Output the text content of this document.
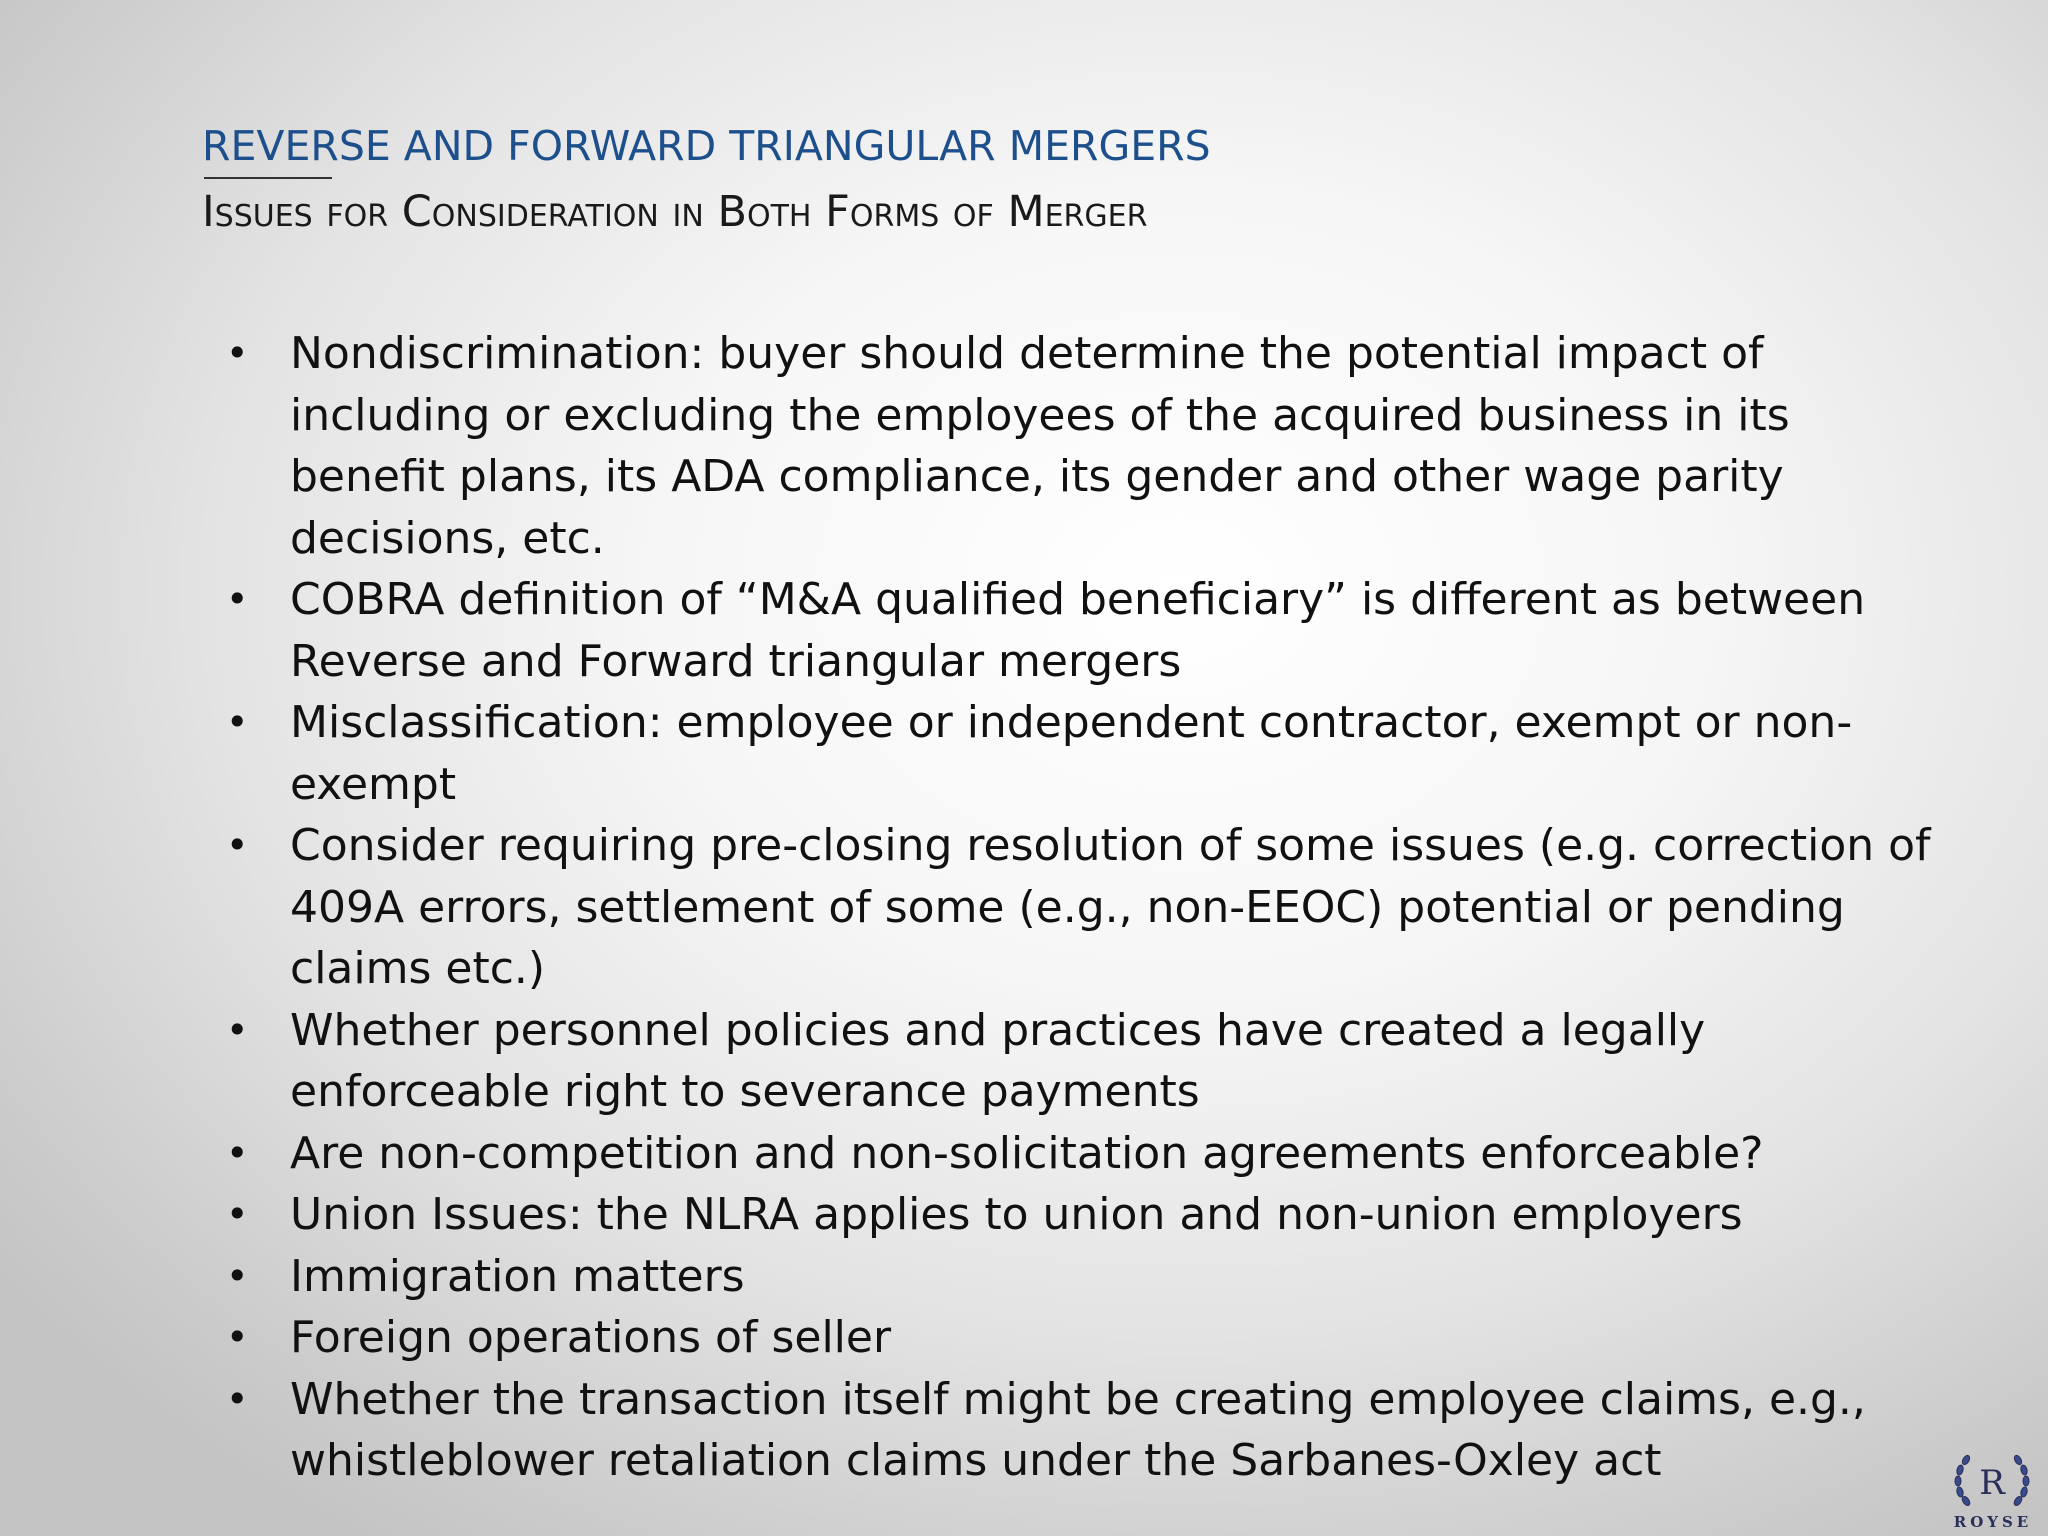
REVERSE AND FORWARD TRIANGULAR MERGERS
Issues for Consideration in Both Forms of Merger
• Nondiscrimination: buyer should determine the potential impact of including or excluding the employees of the acquired business in its benefit plans, its ADA compliance, its gender and other wage parity decisions, etc.
• COBRA definition of “M&A qualified beneficiary” is different as between Reverse and Forward triangular mergers
• Misclassification: employee or independent contractor, exempt or non-exempt
• Consider requiring pre-closing resolution of some issues (e.g. correction of 409A errors, settlement of some (e.g., non-EEOC) potential or pending claims etc.)
• Whether personnel policies and practices have created a legally enforceable right to severance payments
• Are non-competition and non-solicitation agreements enforceable?
• Union Issues: the NLRA applies to union and non-union employers
• Immigration matters
• Foreign operations of seller
• Whether the transaction itself might be creating employee claims, e.g., whistleblower retaliation claims under the Sarbanes-Oxley act	R
ROYSE
